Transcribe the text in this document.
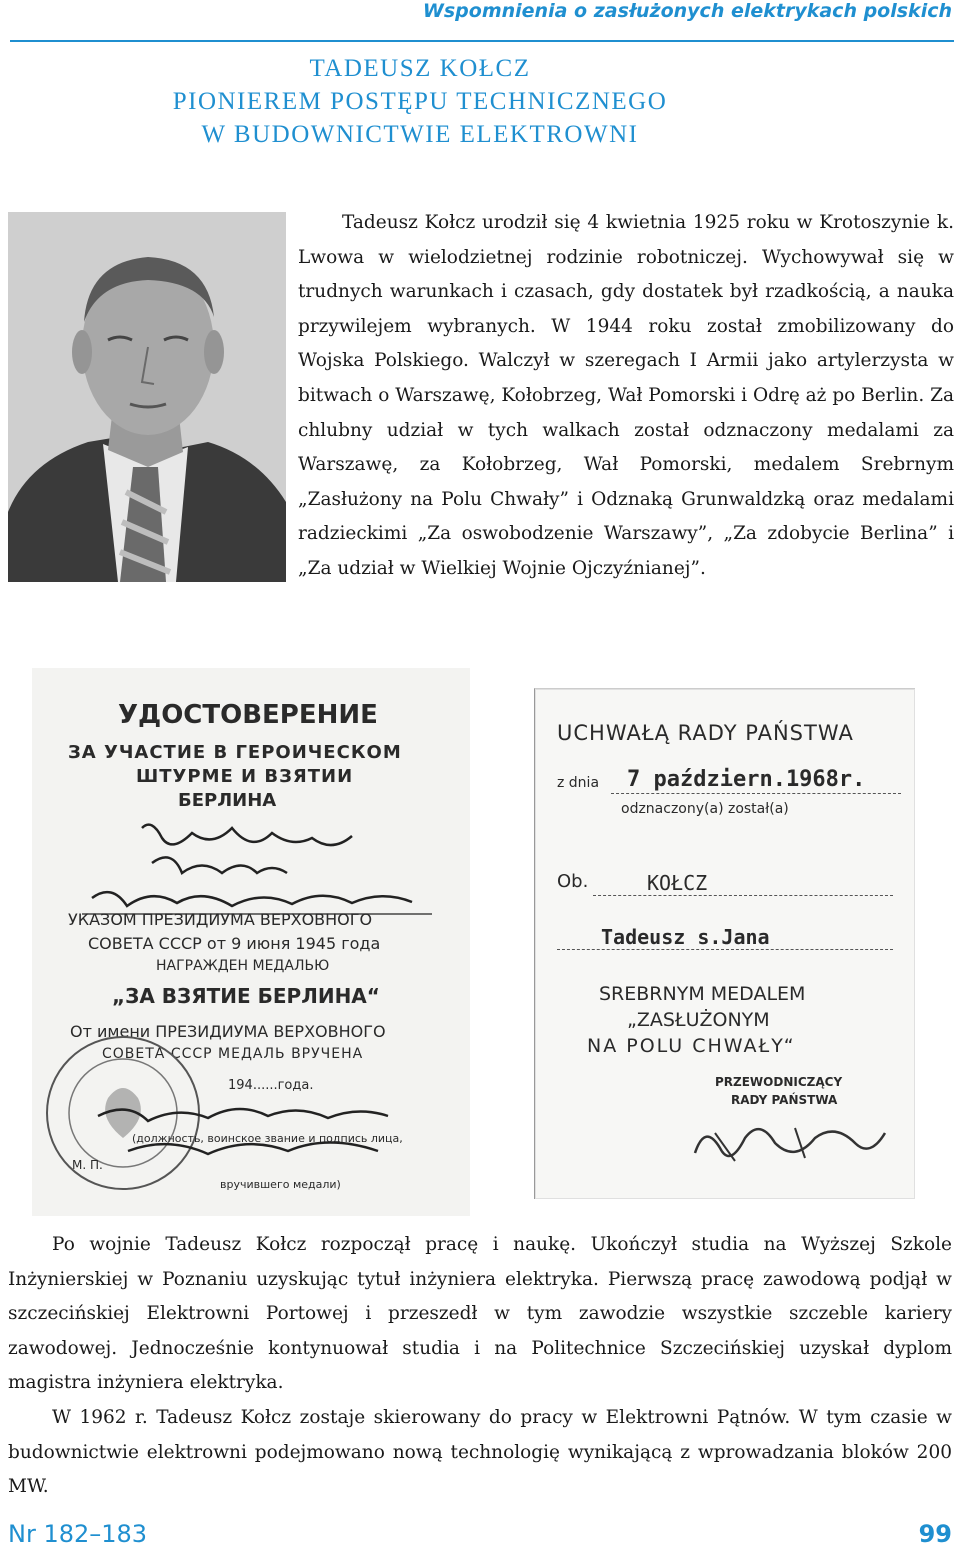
Wspomnienia o zasłużonych elektrykach polskich
TADEUSZ KOŁCZ
PIONIEREM POSTĘPU TECHNICZNEGO
W BUDOWNICTWIE ELEKTROWNI

Tadeusz Kołcz urodził się 4 kwietnia 1925 roku w Krotoszynie k. Lwowa w wielodzietnej rodzinie robotniczej. Wychowywał się w trudnych warunkach i czasach, gdy dostatek był rzadkością, a nauka przywilejem wybranych. W 1944 roku został zmobilizowany do Wojska Polskiego. Walczył w szeregach I Armii jako artylerzysta w bitwach o Warszawę, Kołobrzeg, Wał Pomorski i Odrę aż po Berlin. Za chlubny udział w tych walkach został odznaczony medalami za Warszawę, za Kołobrzeg, Wał Pomorski, medalem Srebrnym „Zasłużony na Polu Chwały” i Odznaką Grunwaldzką oraz medalami radzieckimi „Za oswobodzenie Warszawy”, „Za zdobycie Berlina” i „Za udział w Wielkiej Wojnie Ojczyźnianej”.

УДОСТОВЕРЕНИЕ
ЗА УЧАСТИЕ В ГЕРОИЧЕСКОМ
ШТУРМЕ И ВЗЯТИИ
БЕРЛИНА
УКАЗОМ ПРЕЗИДИУМА ВЕРХОВНОГО
СОВЕТА СССР от 9 июня 1945 года
НАГРАЖДЕН МЕДАЛЬЮ
„ЗА ВЗЯТИЕ БЕРЛИНА“
От имени ПРЕЗИДИУМА ВЕРХОВНОГО
СОВЕТА СССР МЕДАЛЬ ВРУЧЕНА
194......года.
(должность, воинское звание и подпись лица,
М. П.
вручившего медали)
UCHWAŁĄ RADY PAŃSTWA
z dnia 7 październ.1968r.
odznaczony(a) został(a)
Ob.	KOŁCZ
Tadeusz s.Jana
SREBRNYM MEDALEM
„ZASŁUŻONYM
NA POLU CHWAŁY“
PRZEWODNICZĄCY
RADY PAŃSTWA

Po wojnie Tadeusz Kołcz rozpoczął pracę i naukę. Ukończył studia na Wyższej Szkole Inżynierskiej w Poznaniu uzyskując tytuł inżyniera elektryka. Pierwszą pracę zawodową podjął w szczecińskiej Elektrowni Portowej i przeszedł w tym zawodzie wszystkie szczeble kariery zawodowej. Jednocześnie kontynuował studia i na Politechnice Szczecińskiej uzyskał dyplom magistra inżyniera elektryka.

W 1962 r. Tadeusz Kołcz zostaje skierowany do pracy w Elektrowni Pątnów. W tym czasie w budownictwie elektrowni podejmowano nową technologię wynikającą z wprowadzania bloków 200 MW.

Nr 182–183	99
